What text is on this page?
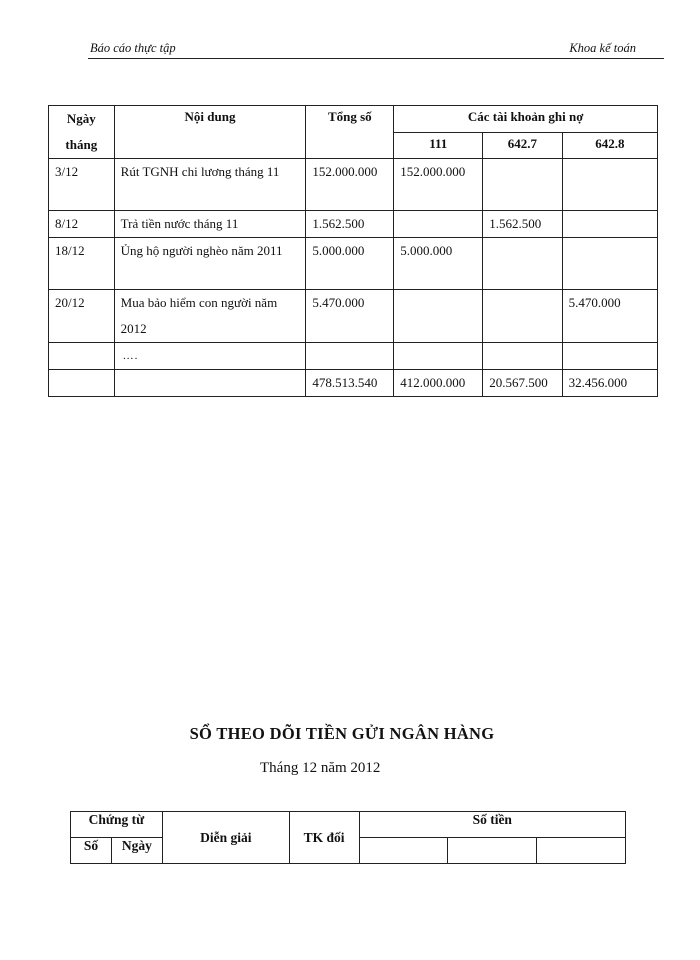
Báo cáo thực tập	Khoa kế toán
Ngày
tháng	Nội dung	Tổng số	Các tài khoản ghi nợ		
			111	642.7	642.8
3/12	Rút TGNH chi lương tháng 11	152.000.000	152.000.000		
8/12	Trả tiền nước tháng 11	1.562.500		1.562.500	
18/12	Ủng hộ người nghèo năm 2011	5.000.000	5.000.000		
20/12	Mua bảo hiểm con người năm 2012	5.470.000			5.470.000
	….				
		478.513.540	412.000.000	20.567.500	32.456.000
SỔ THEO DÕI TIỀN GỬI NGÂN HÀNG
Tháng 12 năm 2012
Chứng từ		Diễn giải	TK đối	Số tiền		
Số	Ngày					
